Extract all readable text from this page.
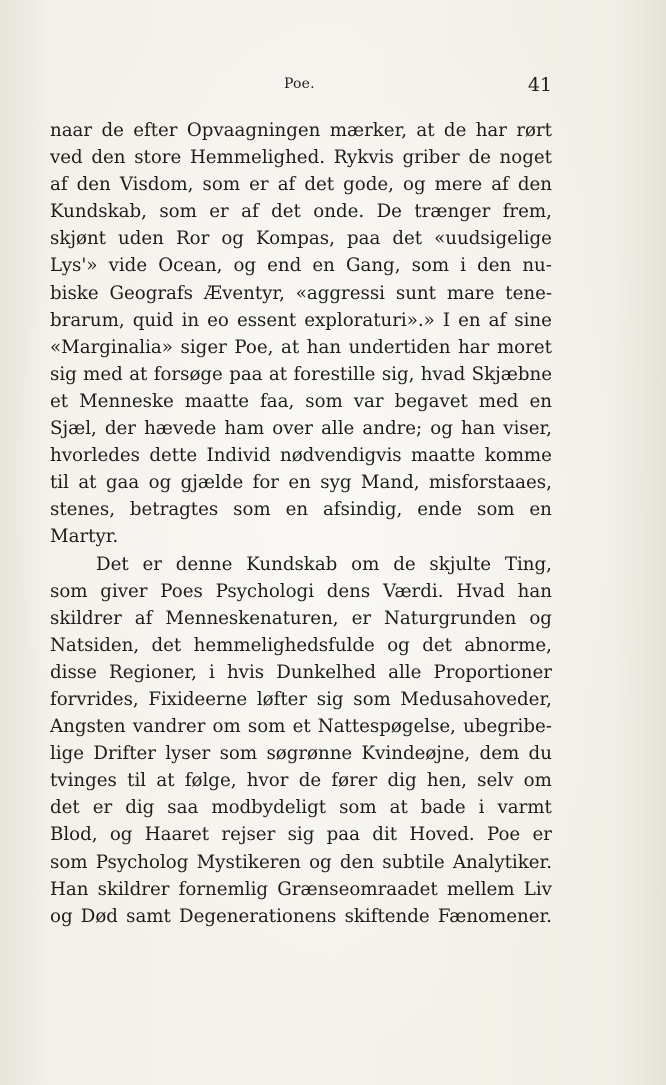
Poe.	41
naar de efter Opvaagningen mærker, at de har rørt
ved den store Hemmelighed. Rykvis griber de noget
af den Visdom, som er af det gode, og mere af den
Kundskab, som er af det onde. De trænger frem,
skjønt uden Ror og Kompas, paa det «uudsigelige
Lys'» vide Ocean, og end en Gang, som i den nu-
biske Geografs Æventyr, «aggressi sunt mare tene-
brarum, quid in eo essent exploraturi».» I en af sine
«Marginalia» siger Poe, at han undertiden har moret
sig med at forsøge paa at forestille sig, hvad Skjæbne
et Menneske maatte faa, som var begavet med en
Sjæl, der hævede ham over alle andre; og han viser,
hvorledes dette Individ nødvendigvis maatte komme
til at gaa og gjælde for en syg Mand, misforstaaes,
stenes, betragtes som en afsindig, ende som en
Martyr.
Det er denne Kundskab om de skjulte Ting,
som giver Poes Psychologi dens Værdi. Hvad han
skildrer af Menneskenaturen, er Naturgrunden og
Natsiden, det hemmelighedsfulde og det abnorme,
disse Regioner, i hvis Dunkelhed alle Proportioner
forvrides, Fixideerne løfter sig som Medusahoveder,
Angsten vandrer om som et Nattespøgelse, ubegribe-
lige Drifter lyser som søgrønne Kvindeøjne, dem du
tvinges til at følge, hvor de fører dig hen, selv om
det er dig saa modbydeligt som at bade i varmt
Blod, og Haaret rejser sig paa dit Hoved. Poe er
som Psycholog Mystikeren og den subtile Analytiker.
Han skildrer fornemlig Grænseomraadet mellem Liv
og Død samt Degenerationens skiftende Fænomener.
